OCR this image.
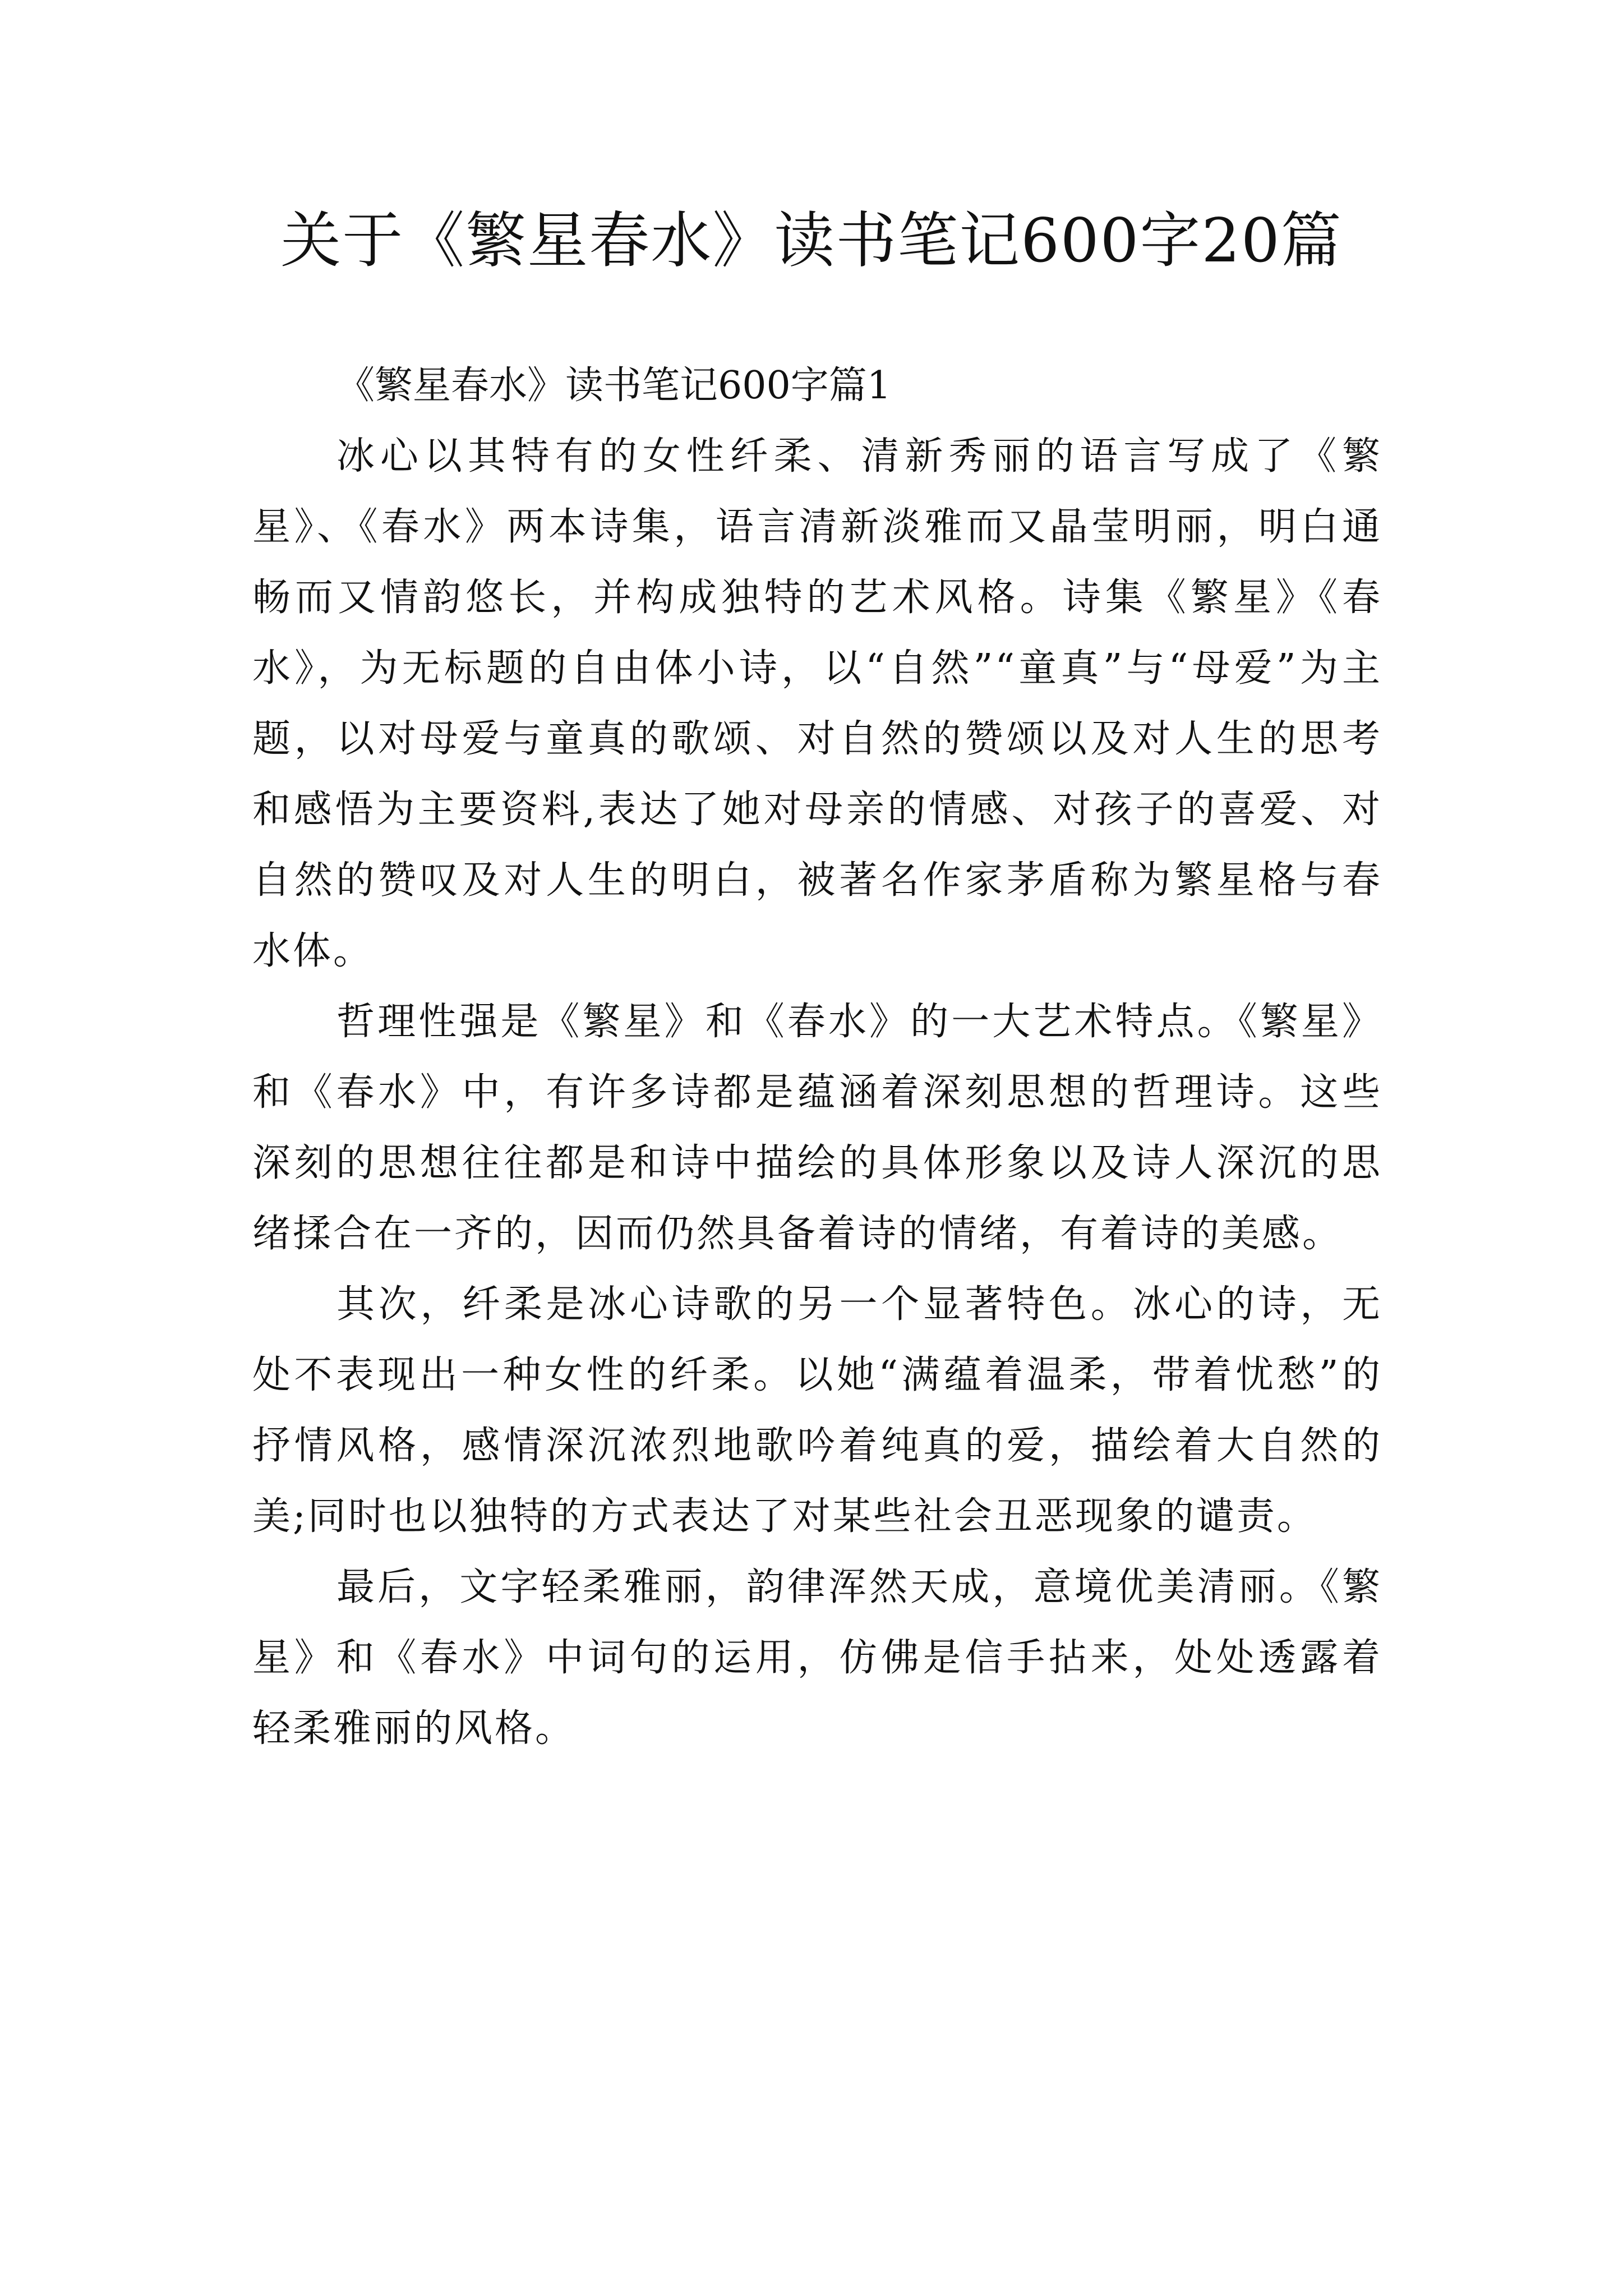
关于《繁星春水》读书笔记600字20篇

《繁星春水》读书笔记600字篇1

冰心以其特有的女性纤柔、清新秀丽的语言写成了《繁星》、《春水》两本诗集，语言清新淡雅而又晶莹明丽，明白通畅而又情韵悠长，并构成独特的艺术风格。诗集《繁星》《春水》，为无标题的自由体小诗，以“自然”“童真”与“母爱”为主题，以对母爱与童真的歌颂、对自然的赞颂以及对人生的思考和感悟为主要资料,表达了她对母亲的情感、对孩子的喜爱、对自然的赞叹及对人生的明白，被著名作家茅盾称为繁星格与春水体。

哲理性强是《繁星》和《春水》的一大艺术特点。《繁星》和《春水》中，有许多诗都是蕴涵着深刻思想的哲理诗。这些深刻的思想往往都是和诗中描绘的具体形象以及诗人深沉的思绪揉合在一齐的，因而仍然具备着诗的情绪，有着诗的美感。

其次，纤柔是冰心诗歌的另一个显著特色。冰心的诗，无处不表现出一种女性的纤柔。以她“满蕴着温柔，带着忧愁”的抒情风格，感情深沉浓烈地歌吟着纯真的爱，描绘着大自然的美;同时也以独特的方式表达了对某些社会丑恶现象的谴责。

最后，文字轻柔雅丽，韵律浑然天成，意境优美清丽。《繁星》和《春水》中词句的运用，仿佛是信手拈来，处处透露着轻柔雅丽的风格。
